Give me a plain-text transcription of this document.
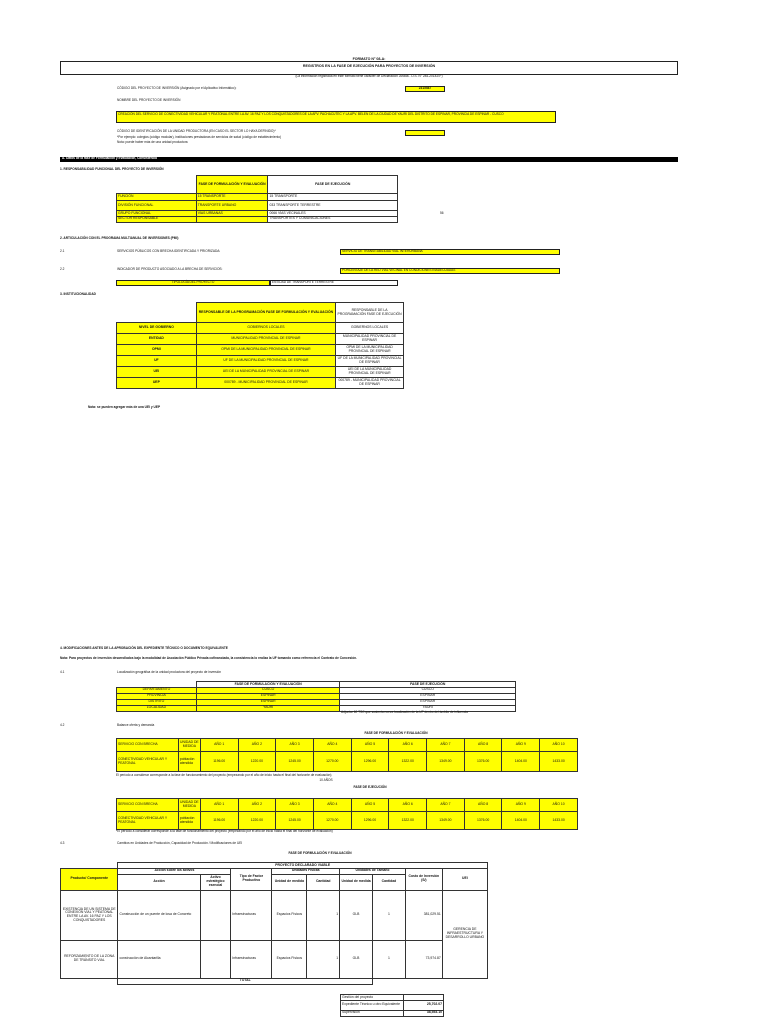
FORMATO N° 08-A:
REGISTROS EN LA FASE DE EJECUCIÓN PARA PROYECTOS DE INVERSIÓN
(La información registrada en este formato tiene carácter de Declaración Jurada - D.S. N° 284-2018-EF)
CÓDIGO DEL PROYECTO DE INVERSIÓN (Asignado por el Aplicativo Informático):	2315587
NOMBRE DEL PROYECTO DE INVERSIÓN
CREACIÓN DEL SERVICIO DE CONECTIVIDAD VEHICULAR Y PEATONAL ENTRE LA AV. 16 PAZ Y LOS CONQUISTADORES DE LA APV. PACHACUTEC Y LA APV. BELEN DE LA CIUDAD DE YAURI DEL DISTRITO DE ESPINAR, PROVINCIA DE ESPINAR - CUSCO
CÓDIGO DE IDENTIFICACIÓN DE LA UNIDAD PRODUCTORA (EN CASO EL SECTOR LO HAYA DEFINIDO)*
*Por ejemplo: colegios (código modular), instituciones prestadoras de servicios de salud (código de establecimiento)
Nota: puede haber más de una unidad productora
A. Datos de la fase de Formulación y Evaluación, Consistencia
1. RESPONSABILIDAD FUNCIONAL DEL PROYECTO DE INVERSIÓN
	FASE DE FORMULACIÓN Y EVALUACIÓN	FASE DE EJECUCIÓN
FUNCIÓN	15 TRANSPORTE	15 TRANSPORTE
DIVISIÓN FUNCIONAL	TRANSPORTE URBANO	033 TRANSPORTE TERRESTRE
GRUPO FUNCIONAL	VÍAS URBANAS	0066 VÍAS VECINALES
SECTOR RESPONSABLE		TRANSPORTES Y COMUNICACIONES
56
2. ARTICULACIÓN CON EL PROGRAMA MULTIANUAL DE INVERSIONES (PMI)
2.1	SERVICIOS PÚBLICOS CON BRECHA IDENTIFICADA Y PRIORIZADA:	SERVICIO DE TRANSITABILIDAD VIAL INTERURBANA
2.2	INDICADOR DE PRODUCTO ASOCIADO A LA BRECHA DE SERVICIOS:	PORCENTAJE DE LA RED VIAL VECINAL EN CONDICIONES INADECUADAS
TIPOLOGÍA DEL PROYECTO	ENTIDAD DE TRANSPORTE TERRESTRE
3. INSTITUCIONALIDAD
	RESPONSABLE DE LA PROGRAMACIÓN FASE DE FORMULACIÓN Y EVALUACIÓN	RESPONSABLE DE LA PROGRAMACIÓN FASE DE EJECUCIÓN
NIVEL DE GOBIERNO	GOBIERNOS LOCALES	GOBIERNOS LOCALES
ENTIDAD	MUNICIPALIDAD PROVINCIAL DE ESPINAR	MUNICIPALIDAD PROVINCIAL DE ESPINAR
OPMI	OPMI DE LA MUNICIPALIDAD PROVINCIAL DE ESPINAR	OPMI DE LA MUNICIPALIDAD PROVINCIAL DE ESPINAR
UF	UF DE LA MUNICIPALIDAD PROVINCIAL DE ESPINAR	UF DE LA MUNICIPALIDAD PROVINCIAL DE ESPINAR
UEI	UEI DE LA MUNICIPALIDAD PROVINCIAL DE ESPINAR	UEI DE LA MUNICIPALIDAD PROVINCIAL DE ESPINAR
UEP	000789 - MUNICIPALIDAD PROVINCIAL DE ESPINAR	000789 - MUNICIPALIDAD PROVINCIAL DE ESPINAR
Nota: se pueden agregar más de una UEI y UEP
4. MODIFICACIONES ANTES DE LA APROBACIÓN DEL EXPEDIENTE TÉCNICO O DOCUMENTO EQUIVALENTE
Nota: Para proyectos de inversión desarrollados bajo la modalidad de Asociación Público Privada cofinanciada, la consistencia lo realiza la UF tomando como referencia el Contrato de Concesión.
4.1	Localización geográfica de la unidad productora del proyecto de inversión
	FASE DE FORMULACIÓN Y EVALUACIÓN	FASE DE EJECUCIÓN
DEPARTAMENTO	CUSCO	CUSCO
PROVINCIA	ESPINAR	ESPINAR
DISTRITO	ESPINAR	ESPINAR
LOCALIDAD	YAURI	YAURI
Adjuntar 60 TSC que sustenta nueva localización de la UP dentro del ámbito de influencia
4.2	Balance oferta y demanda
FASE DE FORMULACIÓN Y EVALUACIÓN
SERVICIO CON BRECHA	UNIDAD DE MEDIDA	AÑO 1	AÑO 2	AÑO 3	AÑO 4	AÑO 5	AÑO 6	AÑO 7	AÑO 8	AÑO 9	AÑO 10
CONECTIVIDAD VEHICULAR Y PEATONAL	población atendida	1196.00	1220.00	1245.00	1270.00	1296.00	1322.00	1349.00	1376.00	1404.00	1433.00
El período a considerar corresponde a la fase de funcionamiento del proyecto (empezando por el año de inicio hasta el final del horizonte de evaluación)
10 AÑOS
FASE DE EJECUCIÓN
SERVICIO CON BRECHA	UNIDAD DE MEDIDA	AÑO 1	AÑO 2	AÑO 3	AÑO 4	AÑO 5	AÑO 6	AÑO 7	AÑO 8	AÑO 9	AÑO 10
CONECTIVIDAD VEHICULAR Y PEATONAL	población atendida	1196.00	1220.00	1245.00	1270.00	1296.00	1322.00	1349.00	1376.00	1404.00	1433.00
*El período a considerar corresponde a la fase de funcionamiento del proyecto (empezando por el año de inicio hasta el final del horizonte de evaluación)
4.3	Cambios en Unidades de Producción, Capacidad de Producción / Modificaciones de UEI
FASE DE FORMULACIÓN Y EVALUACIÓN
	PROYECTO DECLARADO VIABLE								
Producto/ Componente	Acción sobre los activos		Tipo de Factor Productivo	Unidades Físicas		Unidades de Tamaño		Costo de Inversión (S/)	UEI
	Acción	Activo estratégico esencial		Unidad de medida	Cantidad	Unidad de medida	Cantidad		

EXISTENCIA DE UN SISTEMA DE CONEXIÓN VIAL Y PEATONAL ENTRE LA AV. 16 PAZ Y LOS CONQUISTADORES	Construcción de un puente de losa de Concreto		Infraestructuras	Espacios Físicos	1	GLB	1	381,029.51	GERENCIA DE INFRAESTRUCTURA Y DESARROLLO URBANO
REFORZAMIENTO DE LA ZONA DE TRÁNSITO VIAL	construcción de Alcantarilla		Infraestructuras	Espacios Físicos	1	GLB	1	73,974.87	
	TOTAL								
Gestión del proyecto	
Expediente Técnico u otro Equivalente	25,702.07
Supervisión	38,553.10
